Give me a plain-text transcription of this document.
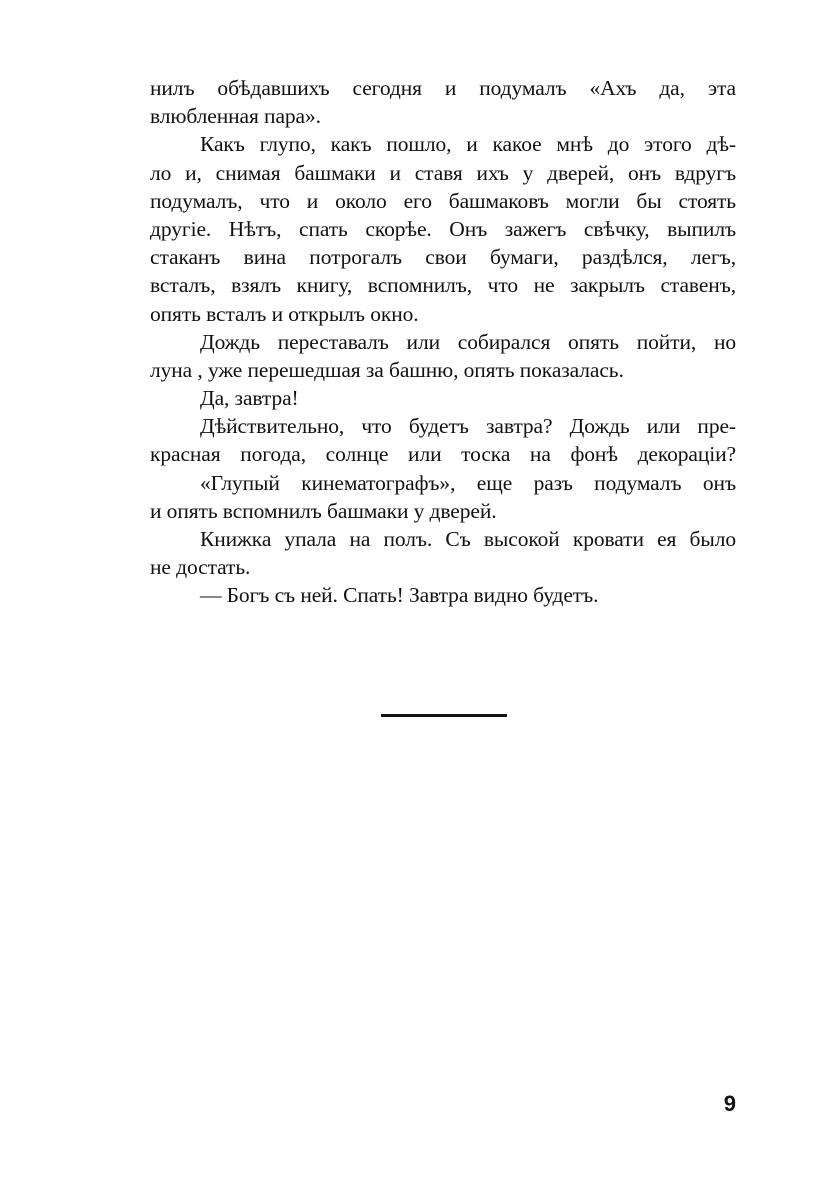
нилъ обѣдавшихъ сегодня и подумалъ «Ахъ да, эта
влюбленная пара».
Какъ глупо, какъ пошло, и какое мнѣ до этого дѣ-
ло и, снимая башмаки и ставя ихъ у дверей, онъ вдругъ
подумалъ, что и около его башмаковъ могли бы стоять
другіе. Нѣтъ, спать скорѣе. Онъ зажегъ свѣчку, выпилъ
стаканъ вина потрогалъ свои бумаги, раздѣлся, легъ,
всталъ, взялъ книгу, вспомнилъ, что не закрылъ ставенъ,
опять всталъ и открылъ окно.
Дождь переставалъ или собирался опять пойти, но
луна , уже перешедшая за башню, опять показалась.
Да, завтра!
Дѣйствительно, что будетъ завтра? Дождь или пре-
красная погода, солнце или тоска на фонѣ декораціи?
«Глупый кинематографъ», еще разъ подумалъ онъ
и опять вспомнилъ башмаки у дверей.
Книжка упала на полъ. Съ высокой кровати ея было
не достать.
— Богъ съ ней. Спать! Завтра видно будетъ.
9
